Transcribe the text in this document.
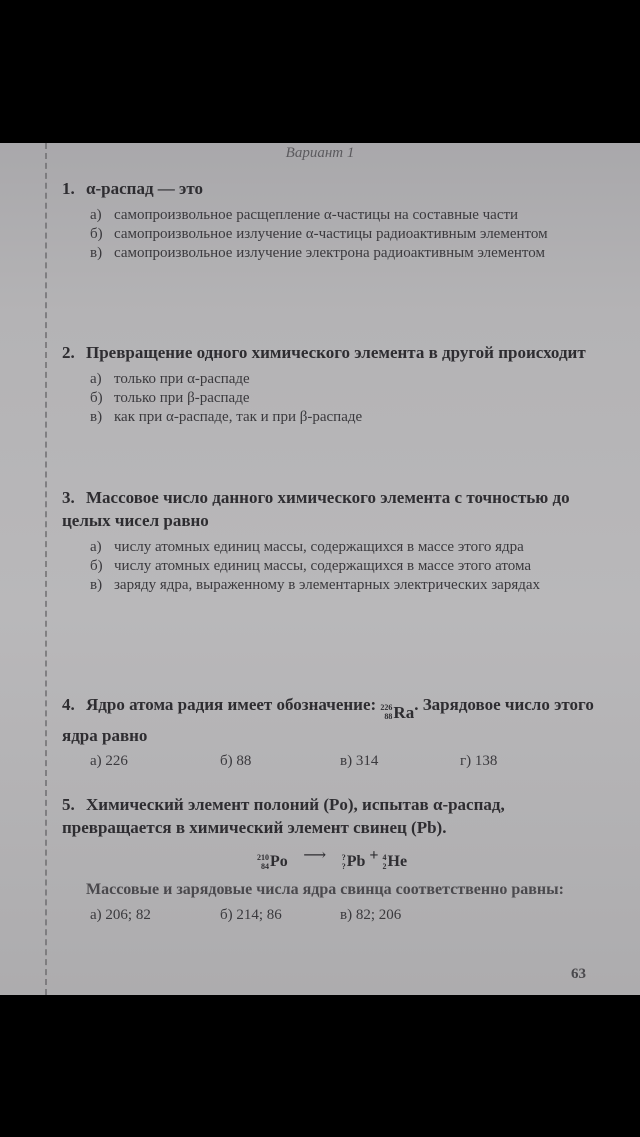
Вариант 1

1. α-распад — это

а) самопроизвольное расщепление α-частицы на составные части

б) самопроизвольное излучение α-частицы радиоактивным элементом

в) самопроизвольное излучение электрона радиоактивным элементом

2. Превращение одного химического элемента в другой происходит

а) только при α-распаде

б) только при β-распаде

в) как при α-распаде, так и при β-распаде

3. Массовое число данного химического элемента с точностью до целых чисел равно

а) числу атомных единиц массы, содержащихся в массе этого ядра

б) числу атомных единиц массы, содержащихся в массе этого атома

в) заряду ядра, выраженному в элементарных электрических зарядах

4. Ядро атома радия имеет обозначение: 226
88 Ra . Зарядовое число этого ядра равно

а) 226	б) 88	в) 314	г) 138

5. Химический элемент полоний (Po), испытав α-распад, превращается в химический элемент свинец (Pb).

210
84 Po ⟶ ?
? Pb + 4
2 He

Массовые и зарядовые числа ядра свинца соответственно равны:

а) 206; 82	б) 214; 86	в) 82; 206
63
